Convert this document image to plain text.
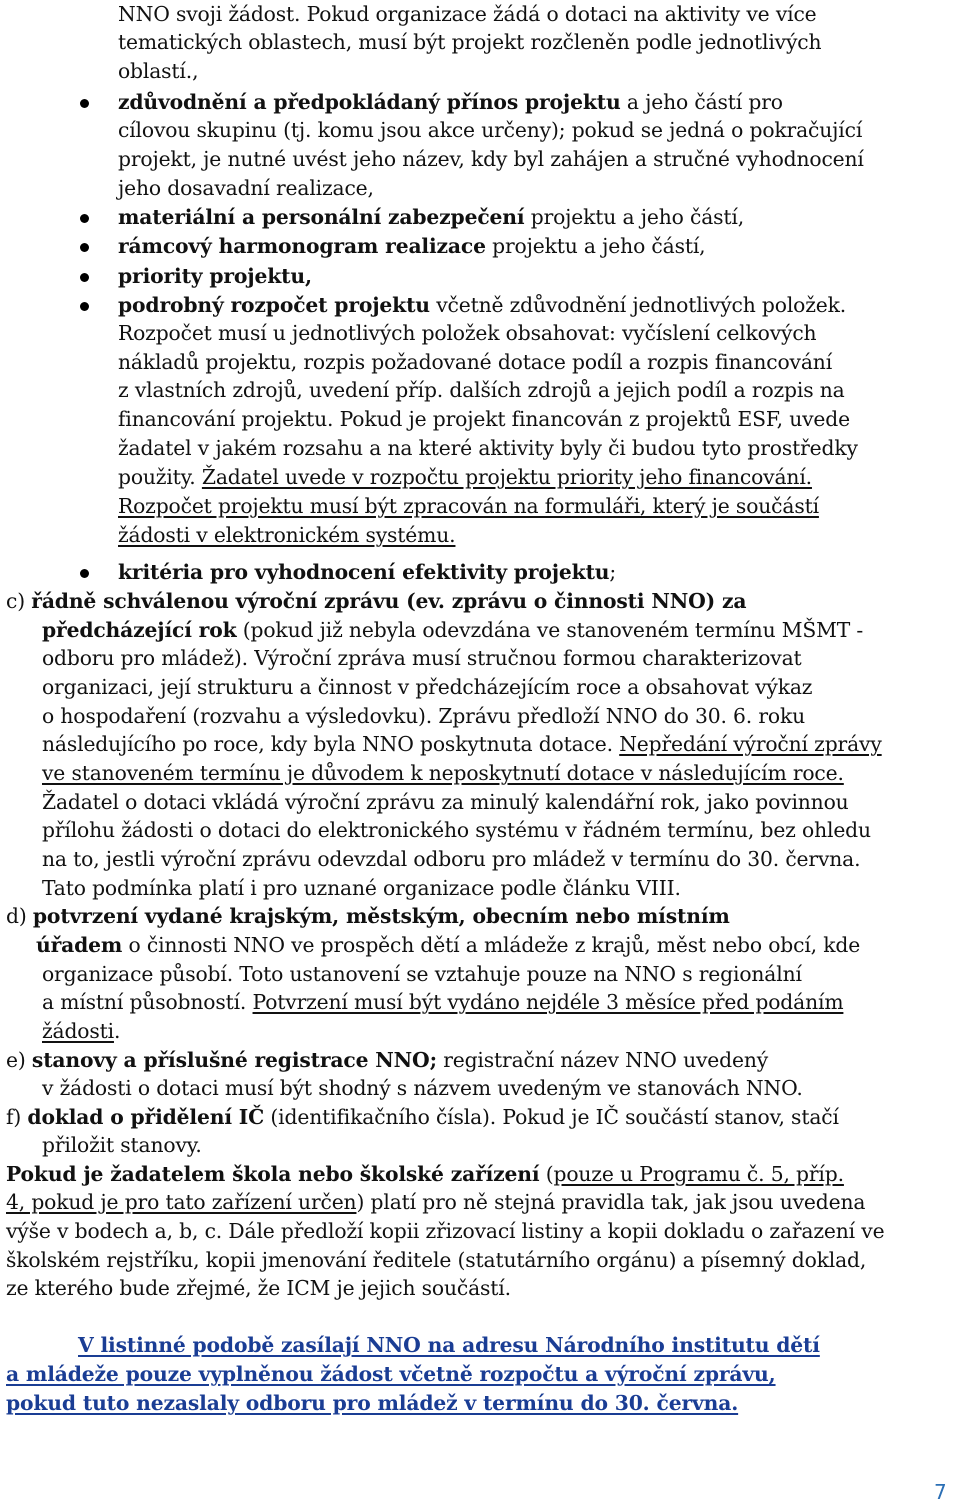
NNO svoji žádost. Pokud organizace žádá o dotaci na aktivity ve více
tematických oblastech, musí být projekt rozčleněn podle jednotlivých
oblastí.,
zdůvodnění a předpokládaný přínos projektu a jeho částí pro
cílovou skupinu (tj. komu jsou akce určeny); pokud se jedná o pokračující
projekt, je nutné uvést jeho název, kdy byl zahájen a stručné vyhodnocení
jeho dosavadní realizace,
materiální a personální zabezpečení projektu a jeho částí,
rámcový harmonogram realizace projektu a jeho částí,
priority projektu,
podrobný rozpočet projektu včetně zdůvodnění jednotlivých položek.
Rozpočet musí u jednotlivých položek obsahovat: vyčíslení celkových
nákladů projektu, rozpis požadované dotace podíl a rozpis financování
z vlastních zdrojů, uvedení příp. dalších zdrojů a jejich podíl a rozpis na
financování projektu. Pokud je projekt financován z projektů ESF, uvede
žadatel v jakém rozsahu a na které aktivity byly či budou tyto prostředky
použity. Žadatel uvede v rozpočtu projektu priority jeho financování.
Rozpočet projektu musí být zpracován na formuláři, který je součástí
žádosti v elektronickém systému.
kritéria pro vyhodnocení efektivity projektu;
c) řádně schválenou výroční zprávu (ev. zprávu o činnosti NNO) za
předcházející rok (pokud již nebyla odevzdána ve stanoveném termínu MŠMT -
odboru pro mládež). Výroční zpráva musí stručnou formou charakterizovat
organizaci, její strukturu a činnost v předcházejícím roce a obsahovat výkaz
o hospodaření (rozvahu a výsledovku). Zprávu předloží NNO do 30. 6. roku
následujícího po roce, kdy byla NNO poskytnuta dotace. Nepředání výroční zprávy
ve stanoveném termínu je důvodem k neposkytnutí dotace v následujícím roce.
Žadatel o dotaci vkládá výroční zprávu za minulý kalendářní rok, jako povinnou
přílohu žádosti o dotaci do elektronického systému v řádném termínu, bez ohledu
na to, jestli výroční zprávu odevzdal odboru pro mládež v termínu do 30. června.
Tato podmínka platí i pro uznané organizace podle článku VIII.
d) potvrzení vydané krajským, městským, obecním nebo místním
úřadem o činnosti NNO ve prospěch dětí a mládeže z krajů, měst nebo obcí, kde
organizace působí. Toto ustanovení se vztahuje pouze na NNO s regionální
a místní působností. Potvrzení musí být vydáno nejdéle 3 měsíce před podáním
žádosti.
e) stanovy a příslušné registrace NNO; registrační název NNO uvedený
v žádosti o dotaci musí být shodný s názvem uvedeným ve stanovách NNO.
f) doklad o přidělení IČ (identifikačního čísla). Pokud je IČ součástí stanov, stačí
přiložit stanovy.
Pokud je žadatelem škola nebo školské zařízení (pouze u Programu č. 5, příp.
4, pokud je pro tato zařízení určen) platí pro ně stejná pravidla tak, jak jsou uvedena
výše v bodech a, b, c. Dále předloží kopii zřizovací listiny a kopii dokladu o zařazení ve
školském rejstříku, kopii jmenování ředitele (statutárního orgánu) a písemný doklad,
ze kterého bude zřejmé, že ICM je jejich součástí.
V listinné podobě zasílají NNO na adresu Národního institutu dětí
a mládeže pouze vyplněnou žádost včetně rozpočtu a výroční zprávu,
pokud tuto nezaslaly odboru pro mládež v termínu do 30. června.
7
